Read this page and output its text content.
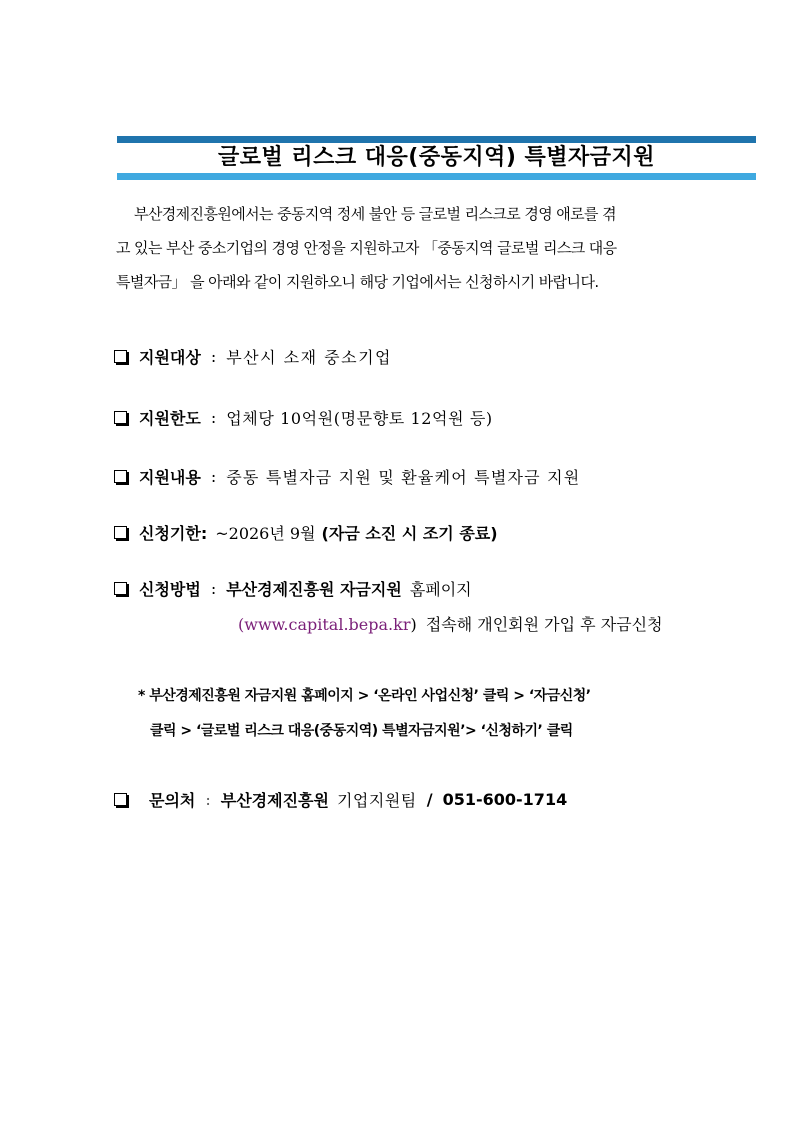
글로벌 리스크 대응(중동지역) 특별자금지원

부산경제진흥원에서는 중동지역 정세 불안 등 글로벌 리스크로 경영 애로를 겪

고 있는 부산 중소기업의 경영 안정을 지원하고자 「중동지역 글로벌 리스크 대응

특별자금」 을 아래와 같이 지원하오니 해당 기업에서는 신청하시기 바랍니다.

지원대상 : 부산시 소재 중소기업
지원한도 : 업체당 10억원(명문향토 12억원 등)
지원내용 : 중동 특별자금 지원 및 환율케어 특별자금 지원
신청기한: ~2026년 9월 (자금 소진 시 조기 종료)
신청방법 : 부산경제진흥원 자금지원 홈페이지
(www.capital.bepa.kr) 접속해 개인회원 가입 후 자금신청
* 부산경제진흥원 자금지원 홈페이지 > ‘온라인 사업신청’ 클릭 > ‘자금신청’
클릭 > ‘글로벌 리스크 대응(중동지역) 특별자금지원’> ‘신청하기’ 클릭
문의처 : 부산경제진흥원 기업지원팀 / 051-600-1714
